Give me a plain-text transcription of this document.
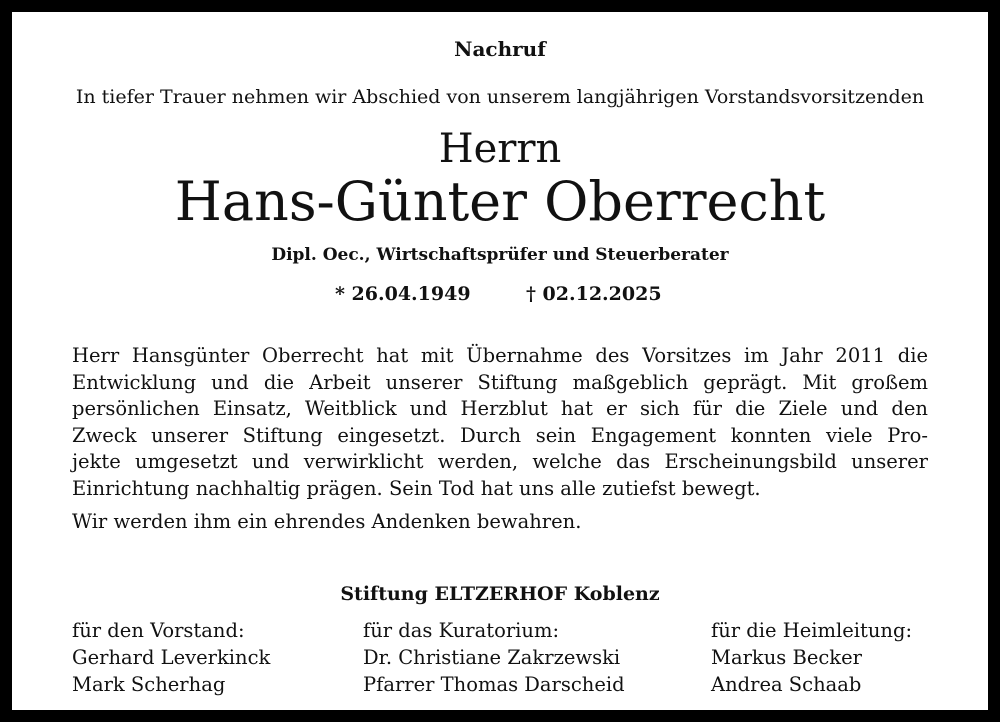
Nachruf
In tiefer Trauer nehmen wir Abschied von unserem langjährigen Vorstandsvorsitzenden
Herrn
Hans-Günter Oberrecht
Dipl. Oec., Wirtschaftsprüfer und Steuerberater
* 26.04.1949	† 02.12.2025
Herr Hansgünter Oberrecht hat mit Übernahme des Vorsitzes im Jahr 2011 die
Entwicklung und die Arbeit unserer Stiftung maßgeblich geprägt. Mit großem
persönlichen Einsatz, Weitblick und Herzblut hat er sich für die Ziele und den
Zweck unserer Stiftung eingesetzt. Durch sein Engagement konnten viele Pro-
jekte umgesetzt und verwirklicht werden, welche das Erscheinungsbild unserer
Einrichtung nachhaltig prägen. Sein Tod hat uns alle zutiefst bewegt.
Wir werden ihm ein ehrendes Andenken bewahren.
Stiftung ELTZERHOF Koblenz
für den Vorstand:
Gerhard Leverkinck
Mark Scherhag
für das Kuratorium:
Dr. Christiane Zakrzewski
Pfarrer Thomas Darscheid
für die Heimleitung:
Markus Becker
Andrea Schaab
